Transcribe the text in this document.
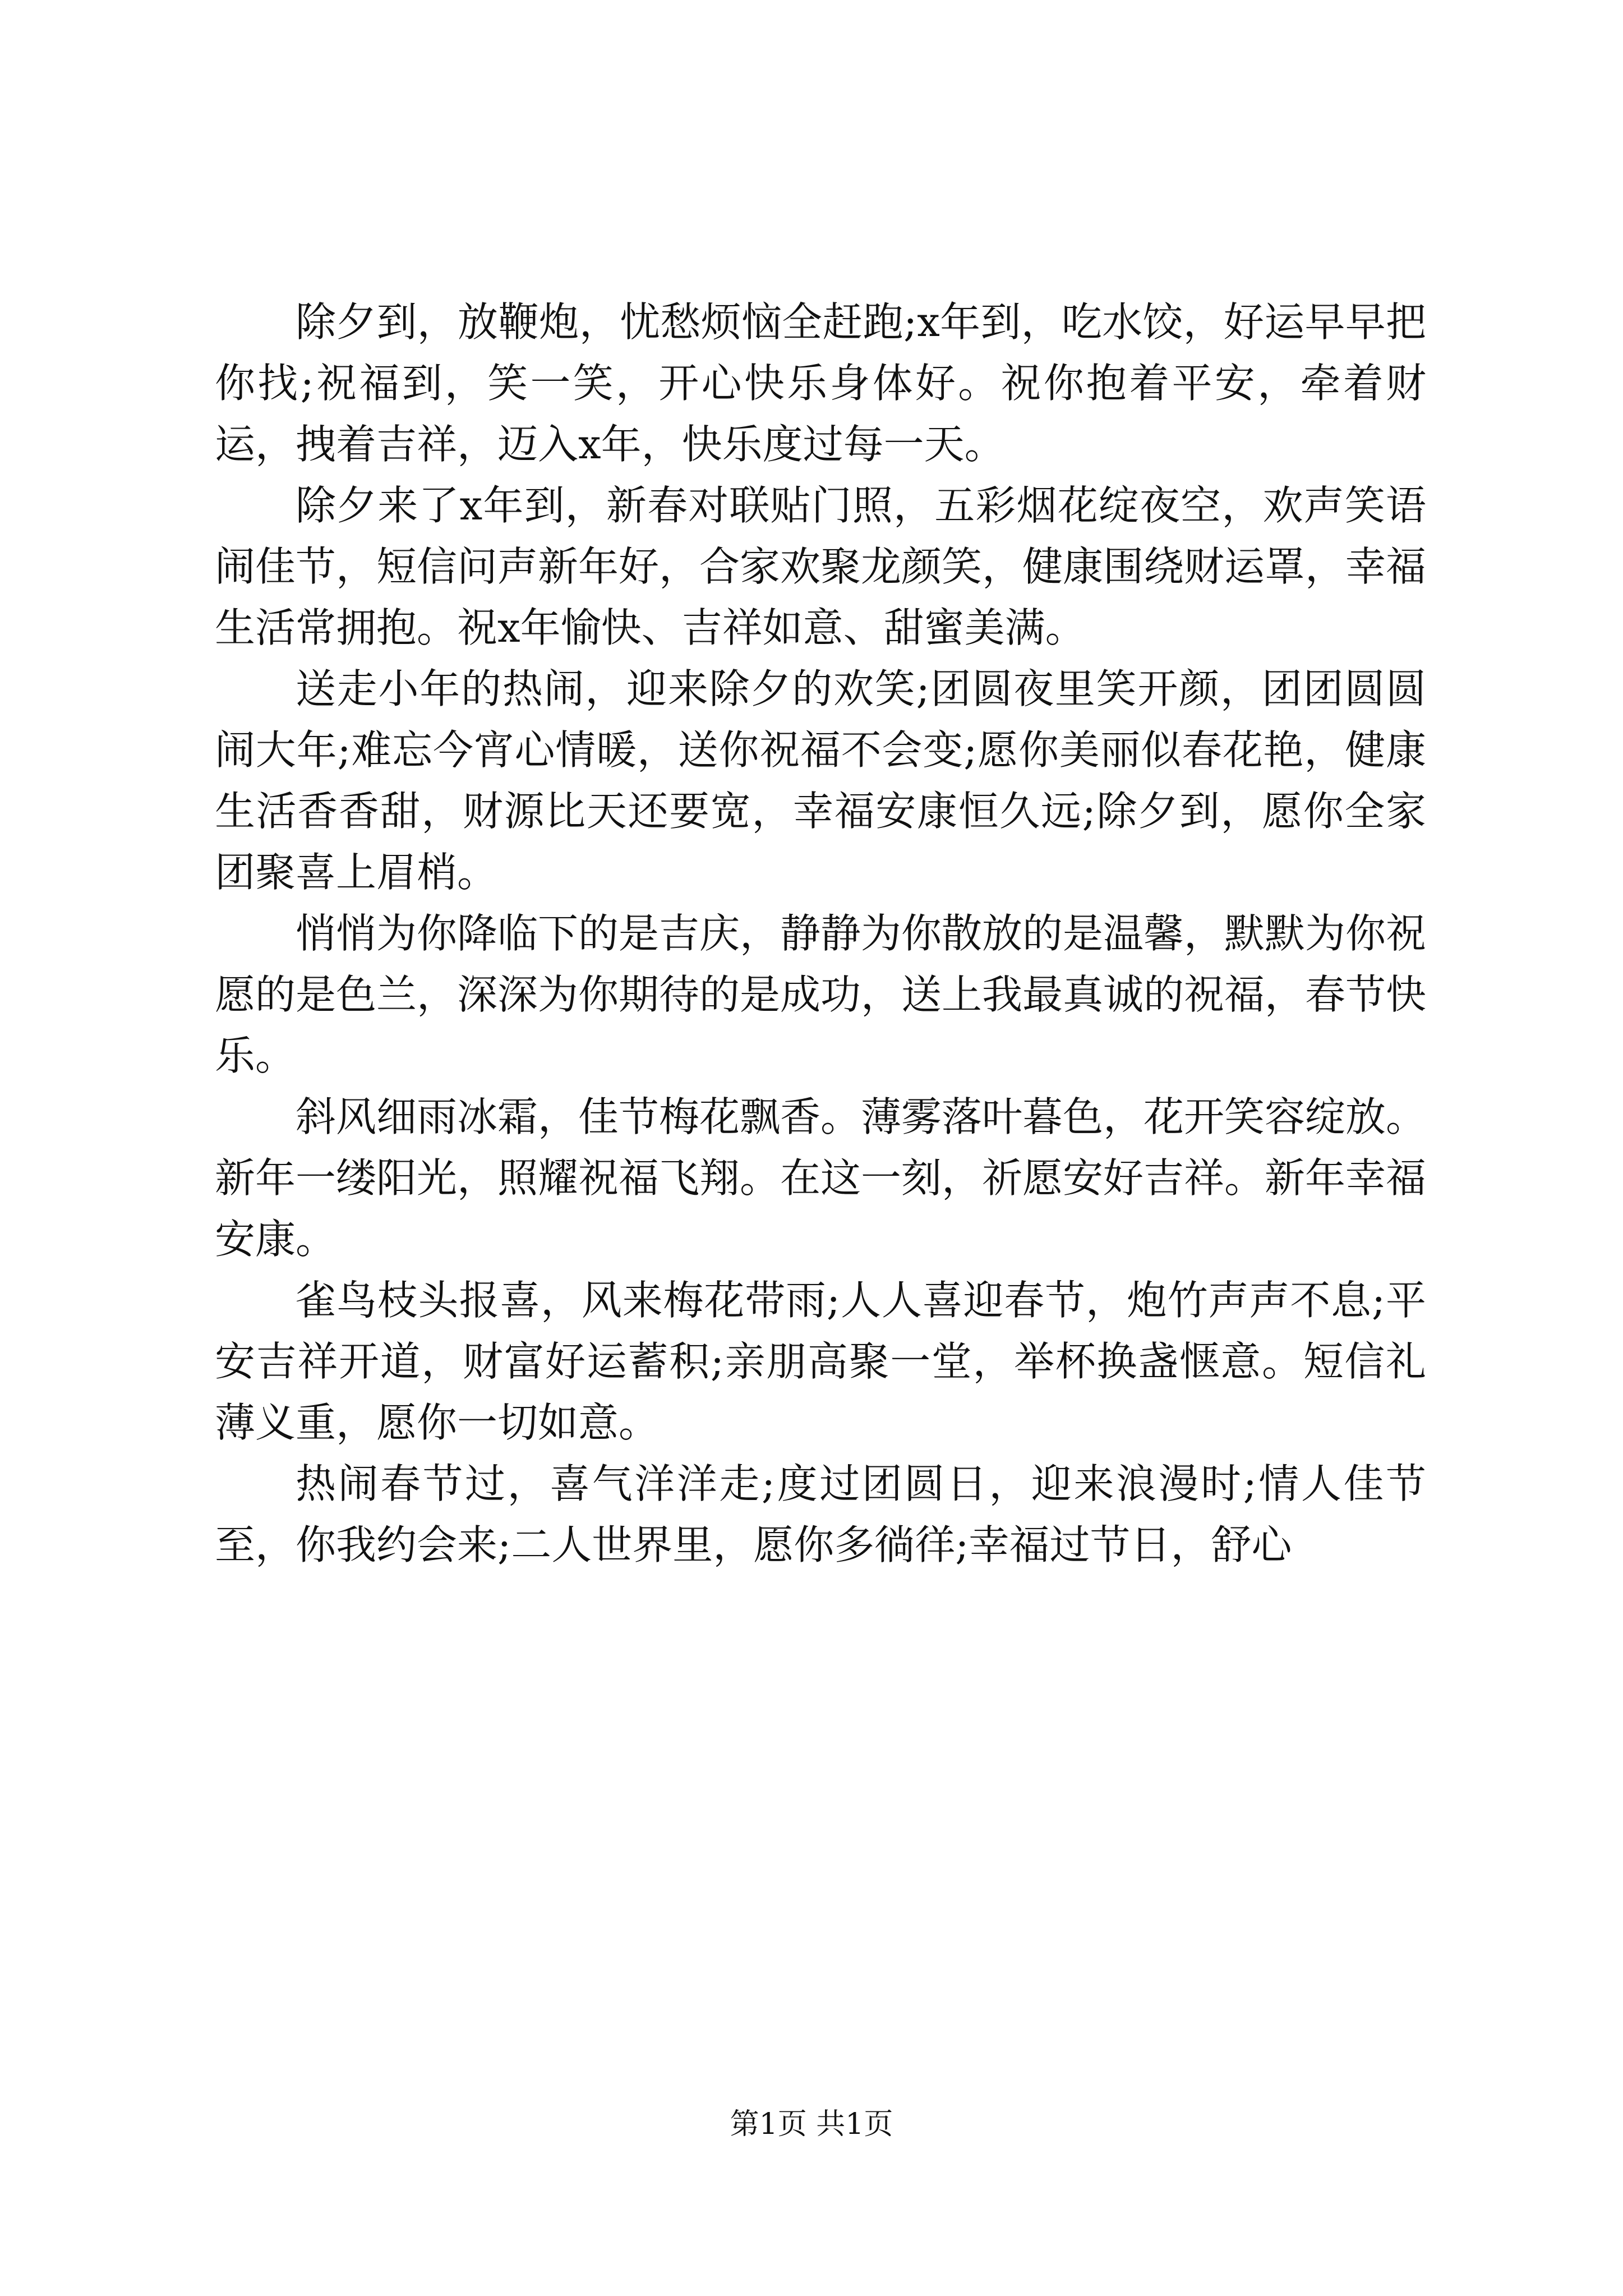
除夕到，放鞭炮，忧愁烦恼全赶跑;x年到，吃水饺，好运早早把你找;祝福到，笑一笑，开心快乐身体好。祝你抱着平安，牵着财运，拽着吉祥，迈入x年，快乐度过每一天。

除夕来了x年到，新春对联贴门照，五彩烟花绽夜空，欢声笑语闹佳节，短信问声新年好，合家欢聚龙颜笑，健康围绕财运罩，幸福生活常拥抱。祝x年愉快、吉祥如意、甜蜜美满。

送走小年的热闹，迎来除夕的欢笑;团圆夜里笑开颜，团团圆圆闹大年;难忘今宵心情暖，送你祝福不会变;愿你美丽似春花艳，健康生活香香甜，财源比天还要宽，幸福安康恒久远;除夕到，愿你全家团聚喜上眉梢。

悄悄为你降临下的是吉庆，静静为你散放的是温馨，默默为你祝愿的是色兰，深深为你期待的是成功，送上我最真诚的祝福，春节快乐。

斜风细雨冰霜，佳节梅花飘香。薄雾落叶暮色，花开笑容绽放。新年一缕阳光，照耀祝福飞翔。在这一刻，祈愿安好吉祥。新年幸福安康。

雀鸟枝头报喜，风来梅花带雨;人人喜迎春节，炮竹声声不息;平安吉祥开道，财富好运蓄积;亲朋高聚一堂，举杯换盏惬意。短信礼薄义重，愿你一切如意。

热闹春节过，喜气洋洋走;度过团圆日，迎来浪漫时;情人佳节至，你我约会来;二人世界里，愿你多徜徉;幸福过节日，舒心

第1页 共1页
